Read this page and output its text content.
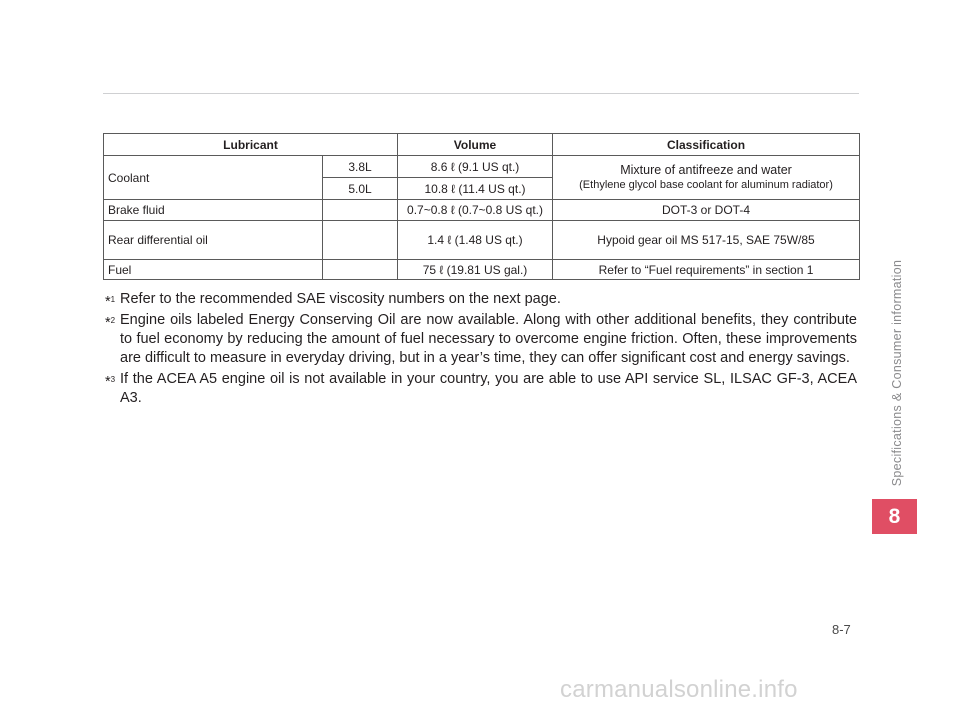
Lubricant		Volume	Classification
Coolant	3.8L	8.6 ℓ (9.1 US qt.)	Mixture of antifreeze and water
(Ethylene glycol base coolant for aluminum radiator)

	5.0L	10.8 ℓ (11.4 US qt.)	
Brake fluid		0.7~0.8 ℓ (0.7~0.8 US qt.)	DOT-3 or DOT-4
Rear differential oil		1.4 ℓ (1.48 US qt.)	Hypoid gear oil MS 517-15, SAE 75W/85
Fuel		75 ℓ (19.81 US gal.)	Refer to “Fuel requirements” in section 1
*$^1$ Refer to the recommended SAE viscosity numbers on the next page.
*$^2$ Engine oils labeled Energy Conserving Oil are now available. Along with other additional benefits, they contribute to fuel economy by reducing the amount of fuel necessary to overcome engine friction. Often, these improvements are difficult to measure in everyday driving, but in a year’s time, they can offer significant cost and energy savings.
*$^3$ If the ACEA A5 engine oil is not available in your country, you are able to use API service SL, ILSAC GF-3, ACEA A3.	Specifications & Consumer information
8
8-7
carmanualsonline.info
